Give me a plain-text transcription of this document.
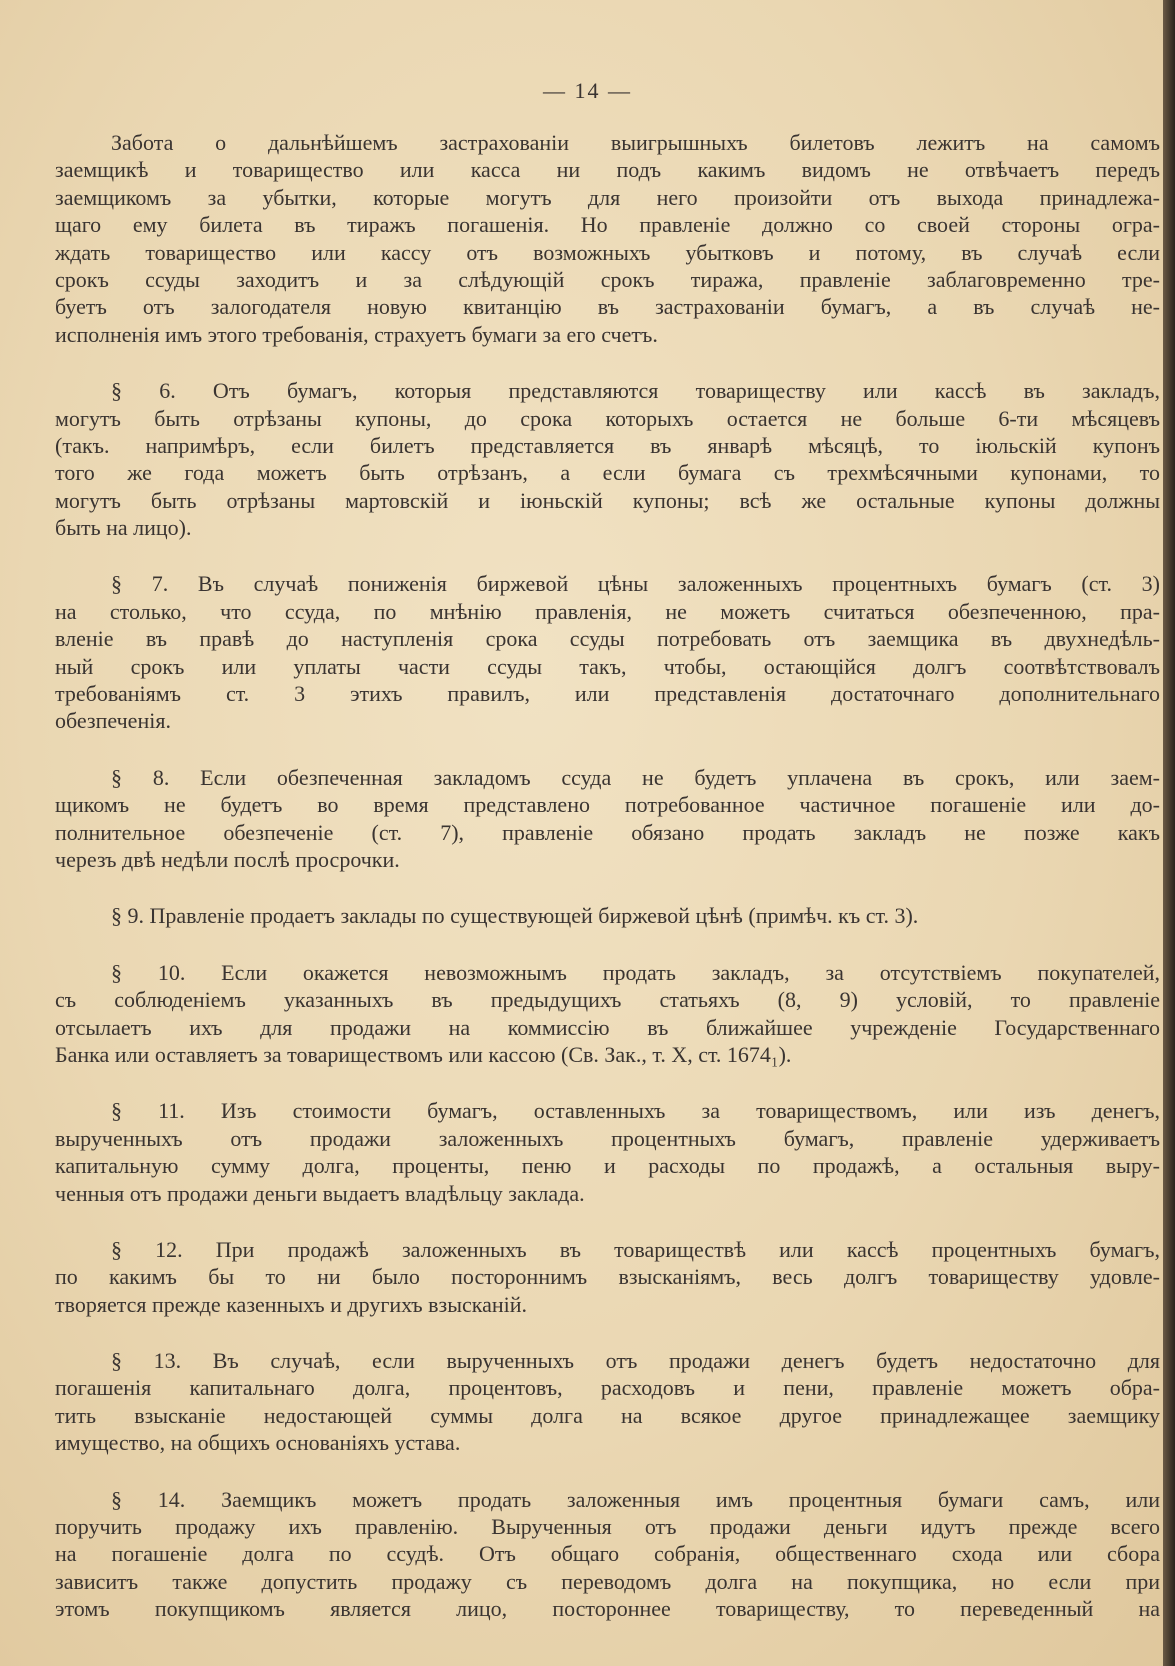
— 14 —
Забота о дальнѣйшемъ застрахованiи выигрышныхъ билетовъ лежитъ на самомъ
заемщикѣ и товарищество или касса ни подъ какимъ видомъ не отвѣчаетъ передъ
заемщикомъ за убытки, которые могутъ для него произойти отъ выхода принадлежа-
щаго ему билета въ тиражъ погашенiя. Но правленiе должно со своей стороны огра-
ждать товарищество или кассу отъ возможныхъ убытковъ и потому, въ случаѣ если
срокъ ссуды заходитъ и за слѣдующiй срокъ тиража, правленiе заблаговременно тре-
буетъ отъ залогодателя новую квитанцiю въ застрахованiи бумагъ, а въ случаѣ не-
исполненiя имъ этого требованiя, страхуетъ бумаги за его счетъ.
§ 6. Отъ бумагъ, которыя представляются товариществу или кассѣ въ закладъ,
могутъ быть отрѣзаны купоны, до срока которыхъ остается не больше 6-ти мѣсяцевъ
(такъ. напримѣръ, если билетъ представляется въ январѣ мѣсяцѣ, то iюльскiй купонъ
того же года можетъ быть отрѣзанъ, а если бумага съ трехмѣсячными купонами, то
могутъ быть отрѣзаны мартовскiй и iюньскiй купоны; всѣ же остальные купоны должны
быть на лицо).
§ 7. Въ случаѣ пониженiя биржевой цѣны заложенныхъ процентныхъ бумагъ (ст. 3)
на столько, что ссуда, по мнѣнiю правленiя, не можетъ считаться обезпеченною, пра-
вленiе въ правѣ до наступленiя срока ссуды потребовать отъ заемщика въ двухнедѣль-
ный срокъ или уплаты части ссуды такъ, чтобы, остающiйся долгъ соотвѣтствовалъ
требованiямъ ст. 3 этихъ правилъ, или представленiя достаточнаго дополнительнаго
обезпеченiя.
§ 8. Если обезпеченная закладомъ ссуда не будетъ уплачена въ срокъ, или заем-
щикомъ не будетъ во время представлено потребованное частичное погашенiе или до-
полнительное обезпеченiе (ст. 7), правленiе обязано продать закладъ не позже какъ
черезъ двѣ недѣли послѣ просрочки.
§ 9. Правленiе продаетъ заклады по существующей биржевой цѣнѣ (примѣч. къ ст. 3).
§ 10. Если окажется невозможнымъ продать закладъ, за отсутствiемъ покупателей,
съ соблюденiемъ указанныхъ въ предыдущихъ статьяхъ (8, 9) условiй, то правленiе
отсылаетъ ихъ для продажи на коммиссiю въ ближайшее учрежденiе Государственнаго
Банка или оставляетъ за товариществомъ или кассою (Св. Зак., т. X, ст. 1674₁).
§ 11. Изъ стоимости бумагъ, оставленныхъ за товариществомъ, или изъ денегъ,
вырученныхъ отъ продажи заложенныхъ процентныхъ бумагъ, правленiе удерживаетъ
капитальную сумму долга, проценты, пеню и расходы по продажѣ, а остальныя выру-
ченныя отъ продажи деньги выдаетъ владѣльцу заклада.
§ 12. При продажѣ заложенныхъ въ товариществѣ или кассѣ процентныхъ бумагъ,
по какимъ бы то ни было постороннимъ взысканiямъ, весь долгъ товариществу удовле-
творяется прежде казенныхъ и другихъ взысканiй.
§ 13. Въ случаѣ, если вырученныхъ отъ продажи денегъ будетъ недостаточно для
погашенiя капитальнаго долга, процентовъ, расходовъ и пени, правленiе можетъ обра-
тить взысканiе недостающей суммы долга на всякое другое принадлежащее заемщику
имущество, на общихъ основанiяхъ устава.
§ 14. Заемщикъ можетъ продать заложенныя имъ процентныя бумаги самъ, или
поручить продажу ихъ правленiю. Вырученныя отъ продажи деньги идутъ прежде всего
на погашенiе долга по ссудѣ. Отъ общаго собранiя, общественнаго схода или сбора
зависитъ также допустить продажу съ переводомъ долга на покупщика, но если при
этомъ покупщикомъ является лицо, постороннее товариществу, то переведенный на
